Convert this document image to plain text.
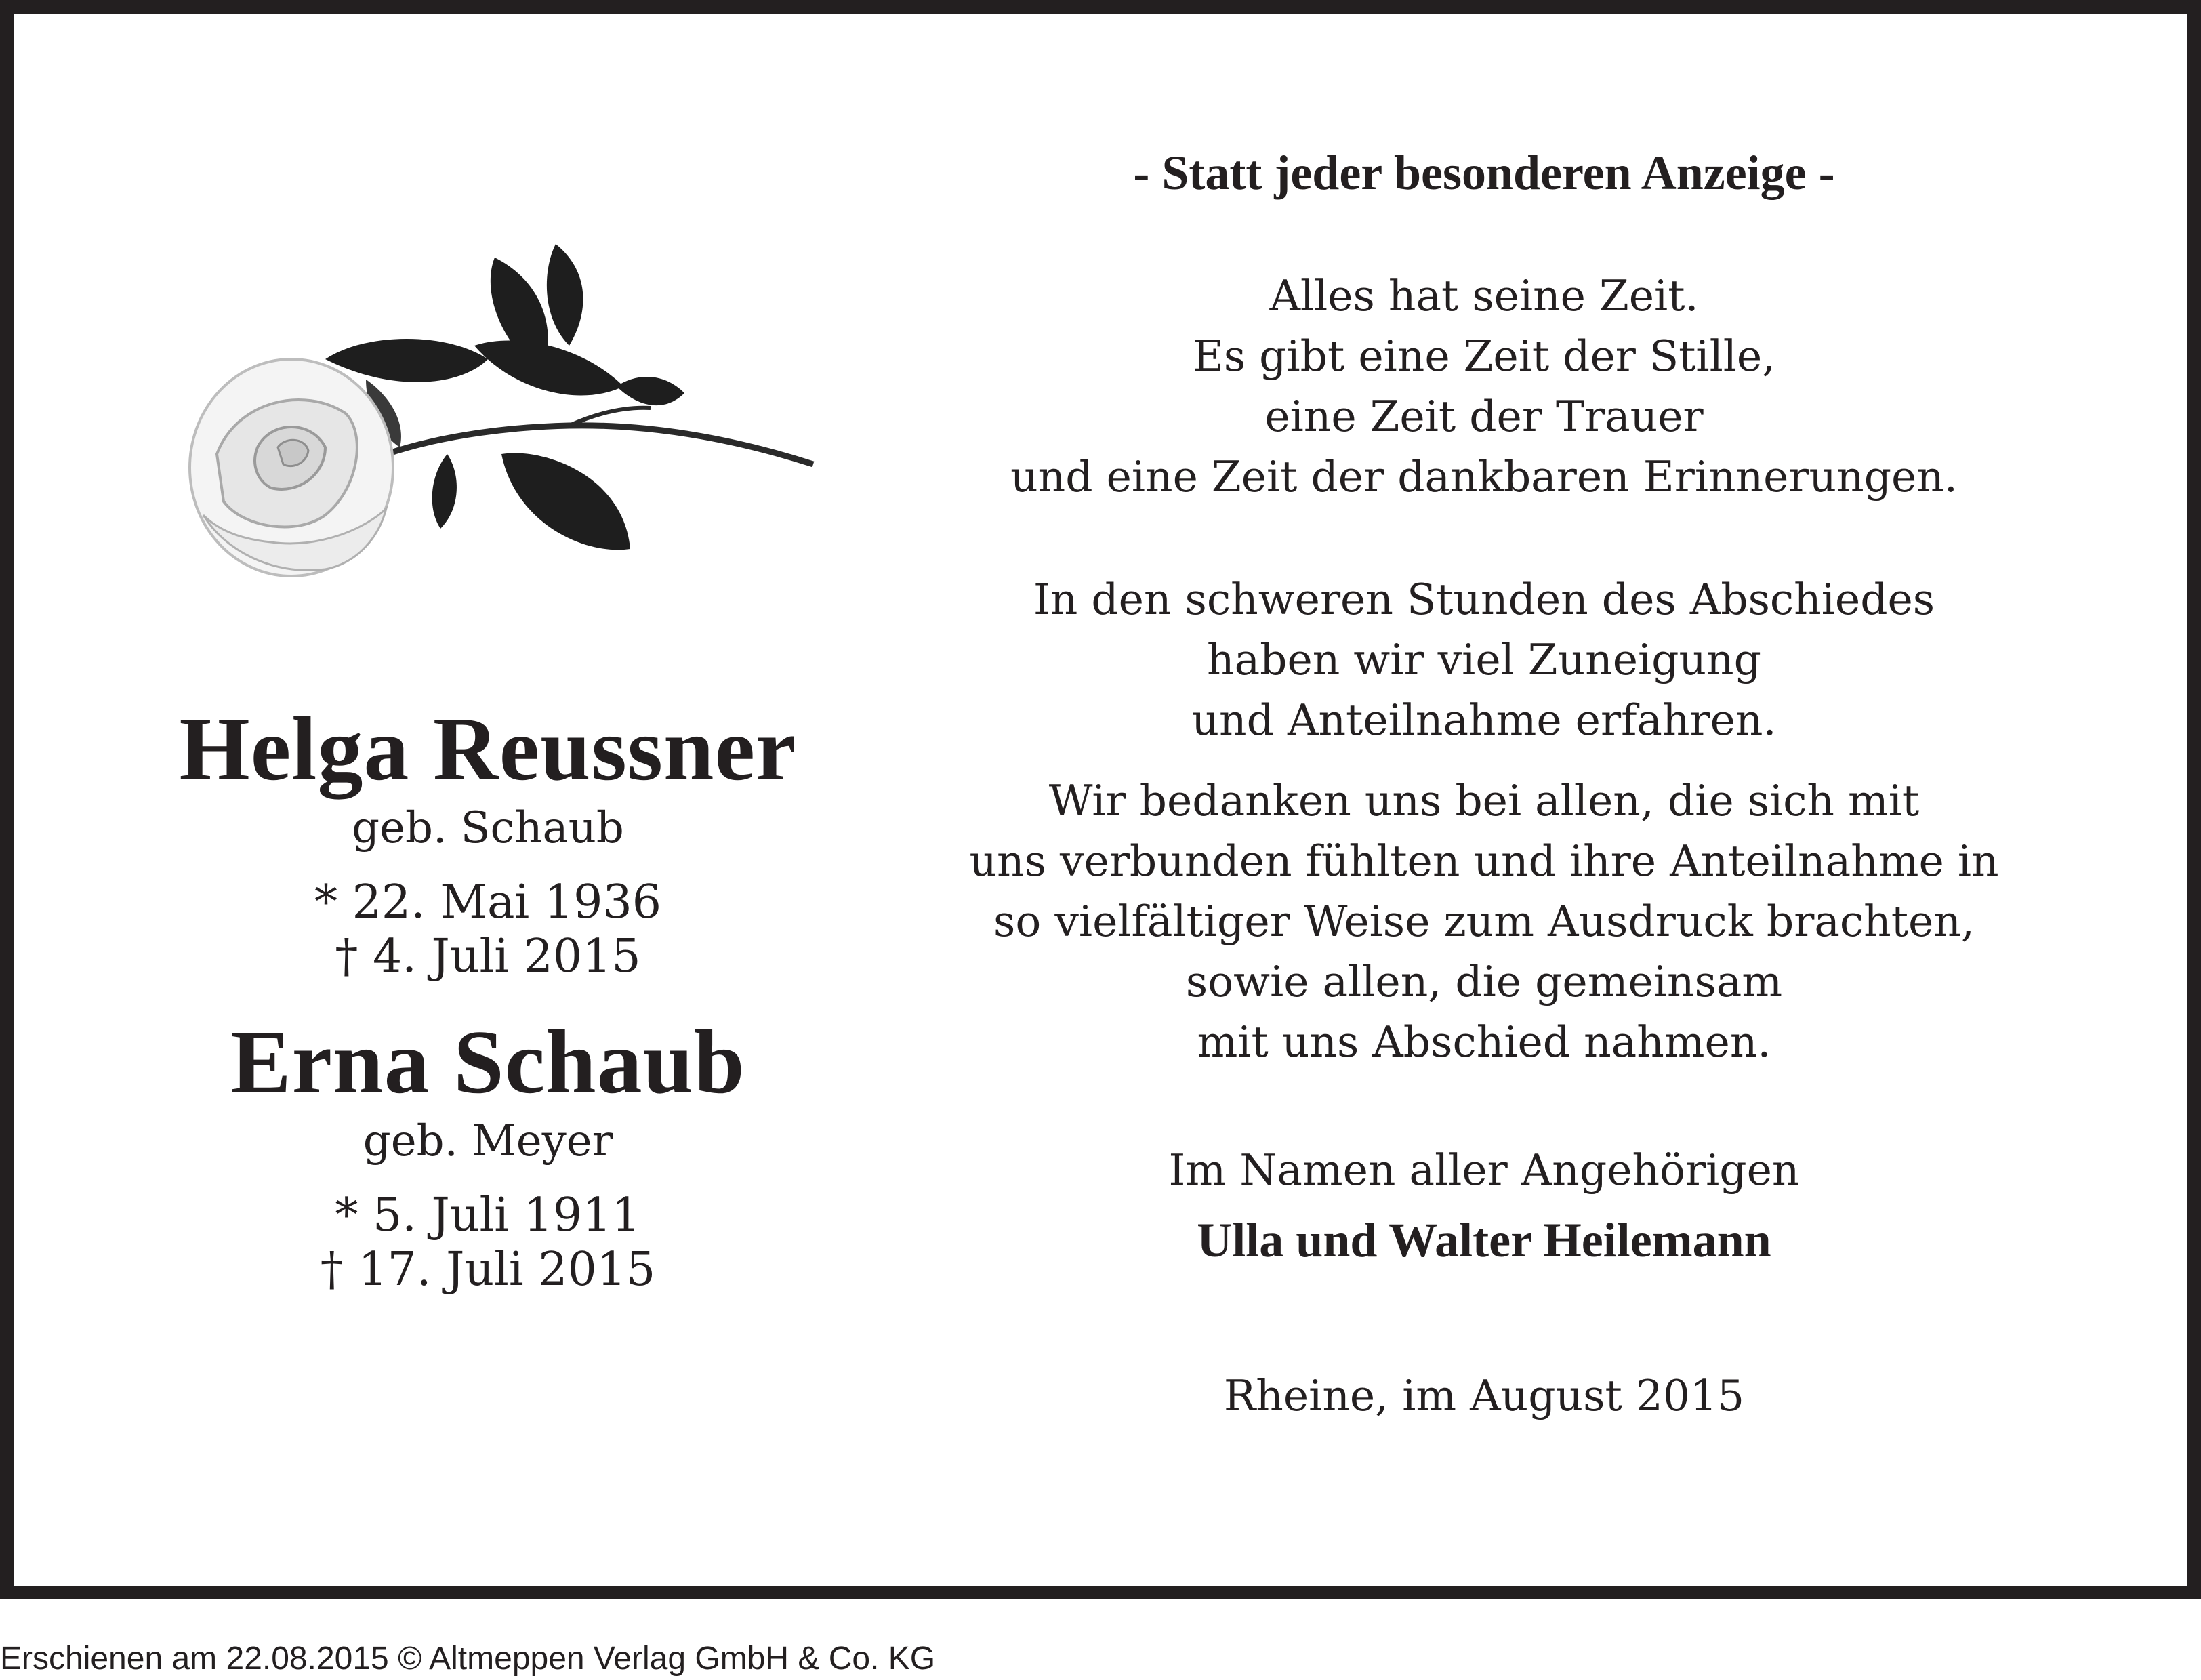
Helga Reussner

geb. Schaub

* 22. Mai 1936

† 4. Juli 2015

Erna Schaub

geb. Meyer

* 5. Juli 1911

† 17. Juli 2015

- Statt jeder besonderen Anzeige -

Alles hat seine Zeit.

Es gibt eine Zeit der Stille,

eine Zeit der Trauer

und eine Zeit der dankbaren Erinnerungen.

In den schweren Stunden des Abschiedes

haben wir viel Zuneigung

und Anteilnahme erfahren.

Wir bedanken uns bei allen, die sich mit

uns verbunden fühlten und ihre Anteilnahme in

so vielfältiger Weise zum Ausdruck brachten,

sowie allen, die gemeinsam

mit uns Abschied nahmen.

Im Namen aller Angehörigen

Ulla und Walter Heilemann

Rheine, im August 2015

Erschienen am 22.08.2015 © Altmeppen Verlag GmbH & Co. KG
